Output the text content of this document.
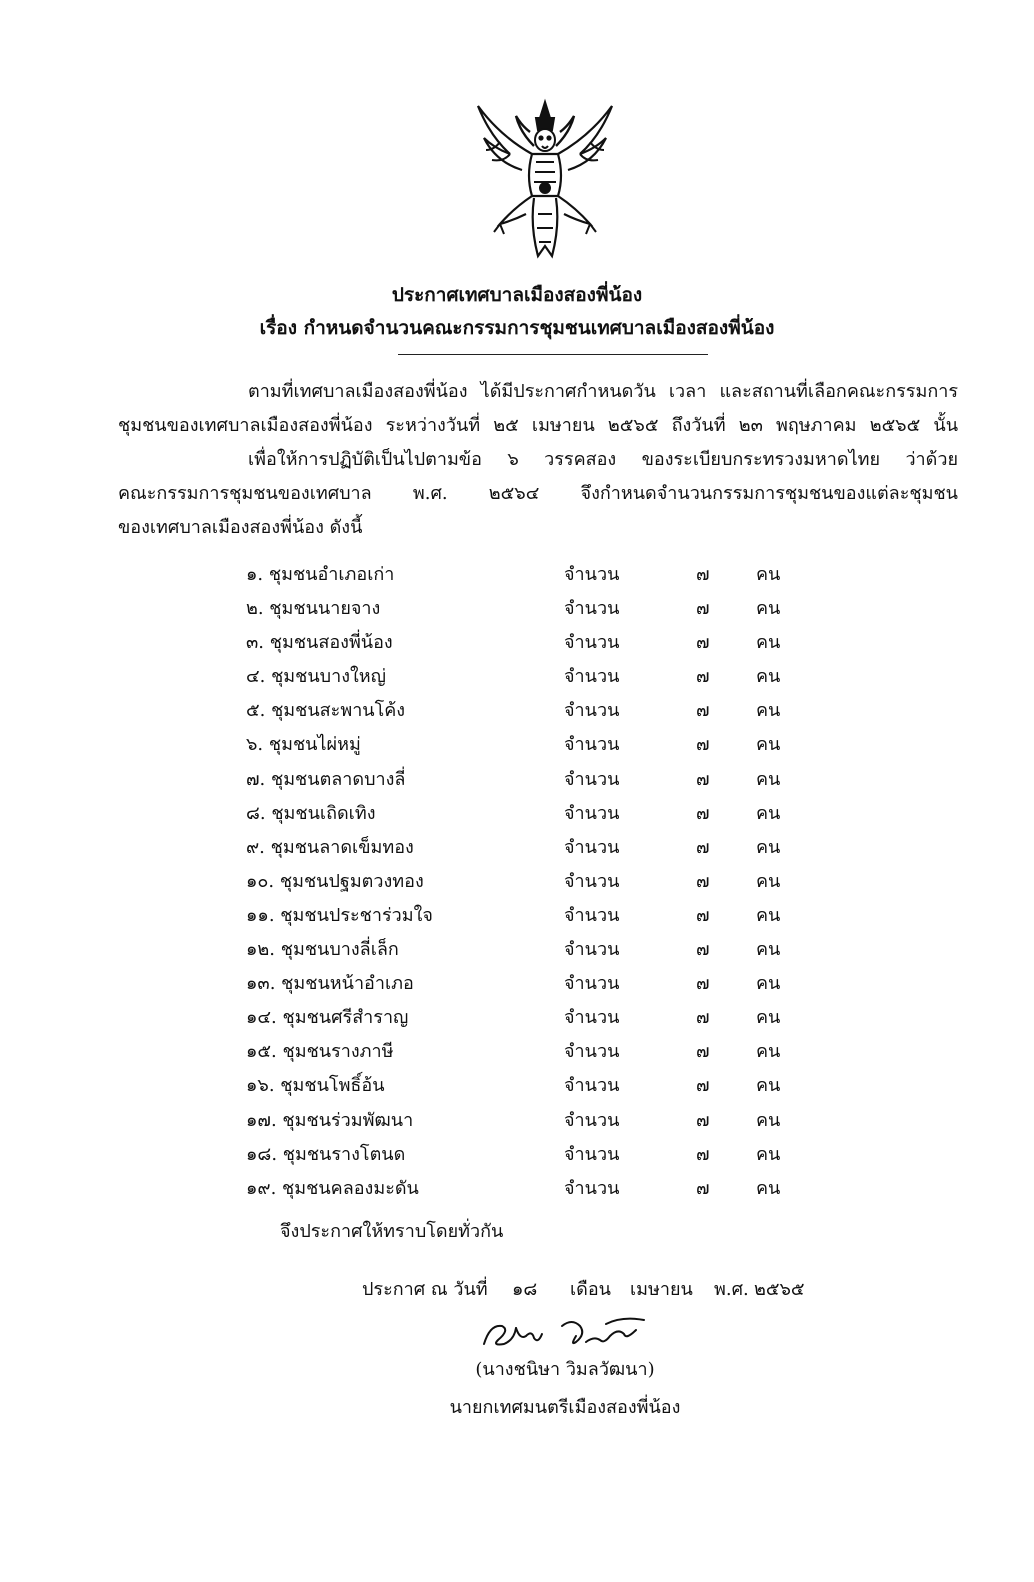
ประกาศเทศบาลเมืองสองพี่น้อง
เรื่อง กำหนดจำนวนคณะกรรมการชุมชนเทศบาลเมืองสองพี่น้อง
ตามที่เทศบาลเมืองสองพี่น้อง ได้มีประกาศกำหนดวัน เวลา และสถานที่เลือกคณะกรรมการ
ชุมชนของเทศบาลเมืองสองพี่น้อง ระหว่างวันที่ ๒๕ เมษายน ๒๕๖๕ ถึงวันที่ ๒๓ พฤษภาคม ๒๕๖๕ นั้น
เพื่อให้การปฏิบัติเป็นไปตามข้อ ๖ วรรคสอง ของระเบียบกระทรวงมหาดไทย ว่าด้วย
คณะกรรมการชุมชนของเทศบาล พ.ศ. ๒๕๖๔ จึงกำหนดจำนวนกรรมการชุมชนของแต่ละชุมชน
ของเทศบาลเมืองสองพี่น้อง ดังนี้
๑. ชุมชนอำเภอเก่า	จำนวน	๗	คน
๒. ชุมชนนายจาง	จำนวน	๗	คน
๓. ชุมชนสองพี่น้อง	จำนวน	๗	คน
๔. ชุมชนบางใหญ่	จำนวน	๗	คน
๕. ชุมชนสะพานโค้ง	จำนวน	๗	คน
๖. ชุมชนไผ่หมู่	จำนวน	๗	คน
๗. ชุมชนตลาดบางลี่	จำนวน	๗	คน
๘. ชุมชนเถิดเทิง	จำนวน	๗	คน
๙. ชุมชนลาดเข็มทอง	จำนวน	๗	คน
๑๐. ชุมชนปฐมตวงทอง	จำนวน	๗	คน
๑๑. ชุมชนประชาร่วมใจ	จำนวน	๗	คน
๑๒. ชุมชนบางลี่เล็ก	จำนวน	๗	คน
๑๓. ชุมชนหน้าอำเภอ	จำนวน	๗	คน
๑๔. ชุมชนศรีสำราญ	จำนวน	๗	คน
๑๕. ชุมชนรางภาษี	จำนวน	๗	คน
๑๖. ชุมชนโพธิ์อ้น	จำนวน	๗	คน
๑๗. ชุมชนร่วมพัฒนา	จำนวน	๗	คน
๑๘. ชุมชนรางโตนด	จำนวน	๗	คน
๑๙. ชุมชนคลองมะดัน	จำนวน	๗	คน
จึงประกาศให้ทราบโดยทั่วกัน
ประกาศ ณ วันที่ ๑๘ เดือน เมษายน พ.ศ. ๒๕๖๕
(นางชนิษา วิมลวัฒนา)
นายกเทศมนตรีเมืองสองพี่น้อง
